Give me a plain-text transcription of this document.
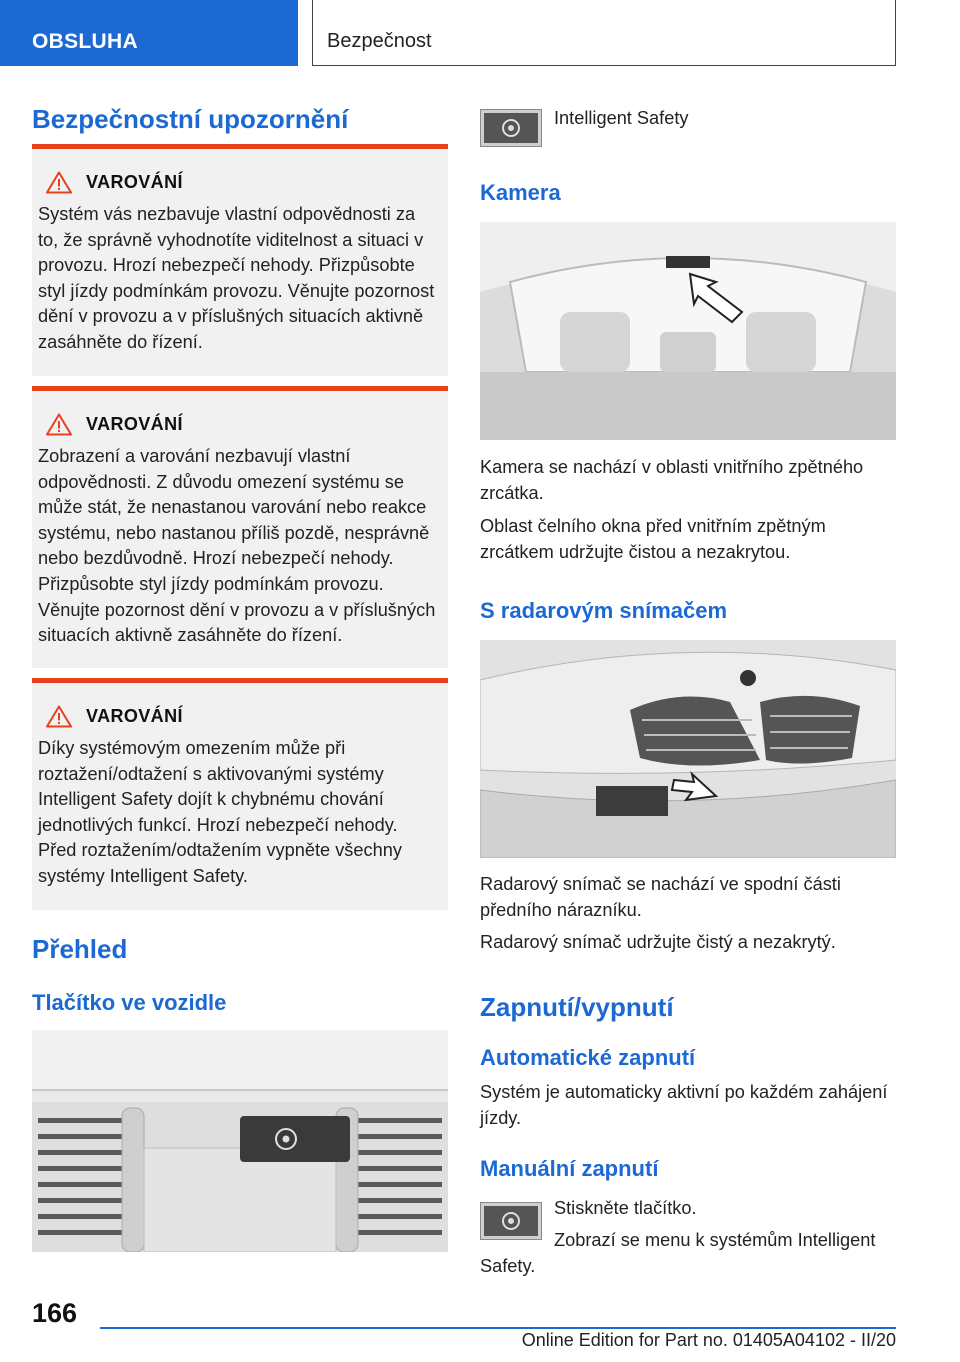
OBSLUHA	Bezpečnost
Bezpečnostní upozornění
VAROVÁNÍ
Systém vás nezbavuje vlastní odpovědnosti za to, že správně vyhodnotíte viditelnost a situaci v provozu. Hrozí nebezpečí nehody. Přizpůsobte styl jízdy podmínkám provozu. Věnujte pozornost dění v provozu a v příslušných situacích aktivně zasáhněte do řízení.
VAROVÁNÍ
Zobrazení a varování nezbavují vlastní odpovědnosti. Z důvodu omezení systému se může stát, že nenastanou varování nebo reakce systému, nebo nastanou příliš pozdě, nesprávně nebo bezdůvodně. Hrozí nebezpečí nehody. Přizpůsobte styl jízdy podmínkám provozu. Věnujte pozornost dění v provozu a v příslušných situacích aktivně zasáhněte do řízení.
VAROVÁNÍ
Díky systémovým omezením může při roztažení/odtažení s aktivovanými systémy Intelligent Safety dojít k chybnému chování jednotlivých funkcí. Hrozí nebezpečí nehody. Před roztažením/odtažením vypněte všechny systémy Intelligent Safety.
Přehled
Tlačítko ve vozidle
Intelligent Safety
Kamera
Kamera se nachází v oblasti vnitřního zpětného zrcátka.
Oblast čelního okna před vnitřním zpětným zrcátkem udržujte čistou a nezakrytou.
S radarovým snímačem
Radarový snímač se nachází ve spodní části předního nárazníku.
Radarový snímač udržujte čistý a nezakrytý.
Zapnutí/vypnutí
Automatické zapnutí
Systém je automaticky aktivní po každém zahájení jízdy.
Manuální zapnutí
Stiskněte tlačítko.
Zobrazí se menu k systémům Intelligent
Safety.
166
Online Edition for Part no. 01405A04102 - II/20
